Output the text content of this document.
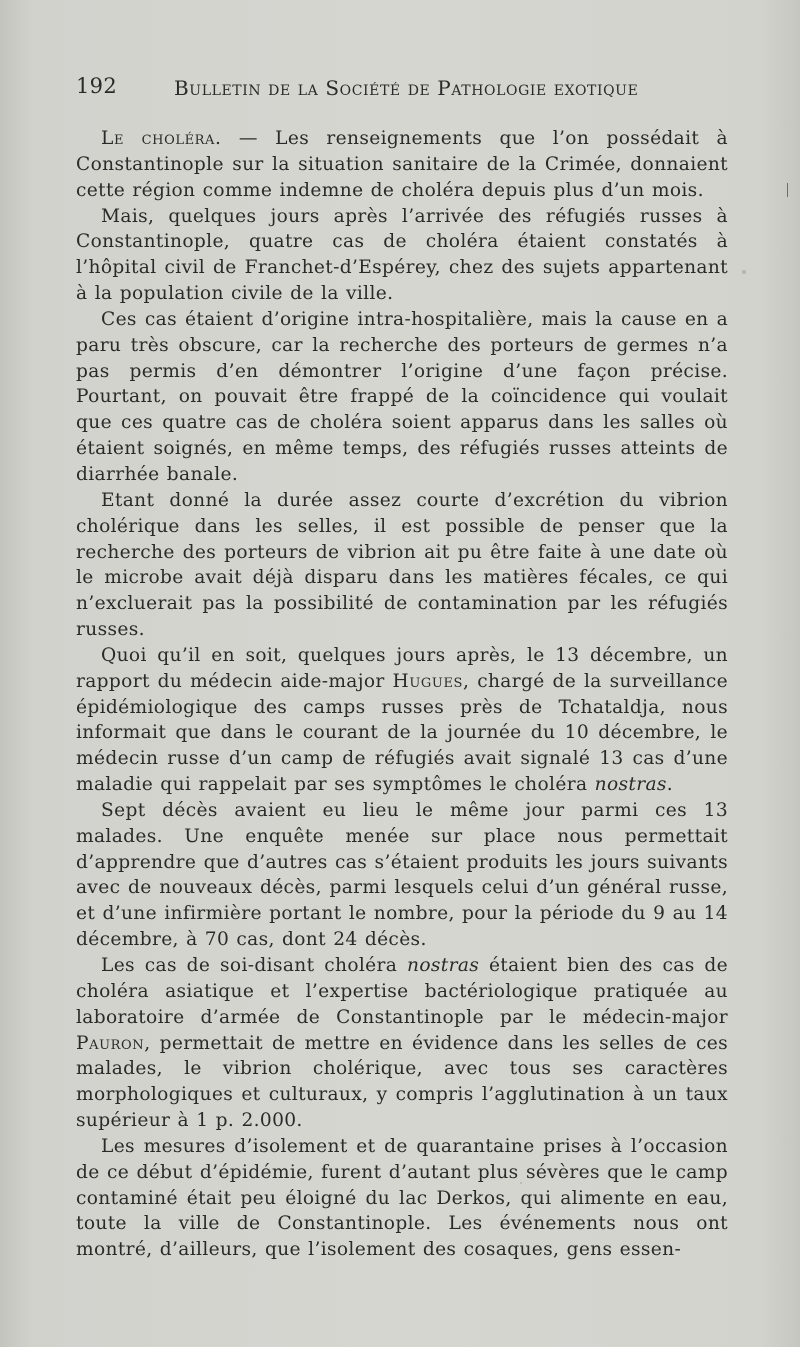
192	Bulletin de la Société de Pathologie exotique

Le choléra. — Les renseignements que l’on possédait à Constantinople sur la situation sanitaire de la Crimée, donnaient cette région comme indemne de choléra depuis plus d’un mois.

Mais, quelques jours après l’arrivée des réfugiés russes à Constantinople, quatre cas de choléra étaient constatés à l’hôpital civil de Franchet-d’Espérey, chez des sujets appartenant à la population civile de la ville.

Ces cas étaient d’origine intra-hospitalière, mais la cause en a paru très obscure, car la recherche des porteurs de germes n’a pas permis d’en démontrer l’origine d’une façon précise. Pourtant, on pouvait être frappé de la coïncidence qui voulait que ces quatre cas de choléra soient apparus dans les salles où étaient soignés, en même temps, des réfugiés russes atteints de diarrhée banale.

Etant donné la durée assez courte d’excrétion du vibrion cholérique dans les selles, il est possible de penser que la recherche des porteurs de vibrion ait pu être faite à une date où le microbe avait déjà disparu dans les matières fécales, ce qui n’excluerait pas la possibilité de contamination par les réfugiés russes.

Quoi qu’il en soit, quelques jours après, le 13 décembre, un rapport du médecin aide-major Hugues, chargé de la surveillance épidémiologique des camps russes près de Tchataldja, nous informait que dans le courant de la journée du 10 décembre, le médecin russe d’un camp de réfugiés avait signalé 13 cas d’une maladie qui rappelait par ses symptômes le choléra nostras.

Sept décès avaient eu lieu le même jour parmi ces 13 malades. Une enquête menée sur place nous permettait d’apprendre que d’autres cas s’étaient produits les jours suivants avec de nouveaux décès, parmi lesquels celui d’un général russe, et d’une infirmière portant le nombre, pour la période du 9 au 14 décembre, à 70 cas, dont 24 décès.

Les cas de soi-disant choléra nostras étaient bien des cas de choléra asiatique et l’expertise bactériologique pratiquée au laboratoire d’armée de Constantinople par le médecin-major Pauron, permettait de mettre en évidence dans les selles de ces malades, le vibrion cholérique, avec tous ses caractères morphologiques et culturaux, y compris l’agglutination à un taux supérieur à 1 p. 2.000.

Les mesures d’isolement et de quarantaine prises à l’occasion de ce début d’épidémie, furent d’autant plus sévères que le camp contaminé était peu éloigné du lac Derkos, qui alimente en eau, toute la ville de Constantinople. Les événements nous ont montré, d’ailleurs, que l’isolement des cosaques, gens essen-
